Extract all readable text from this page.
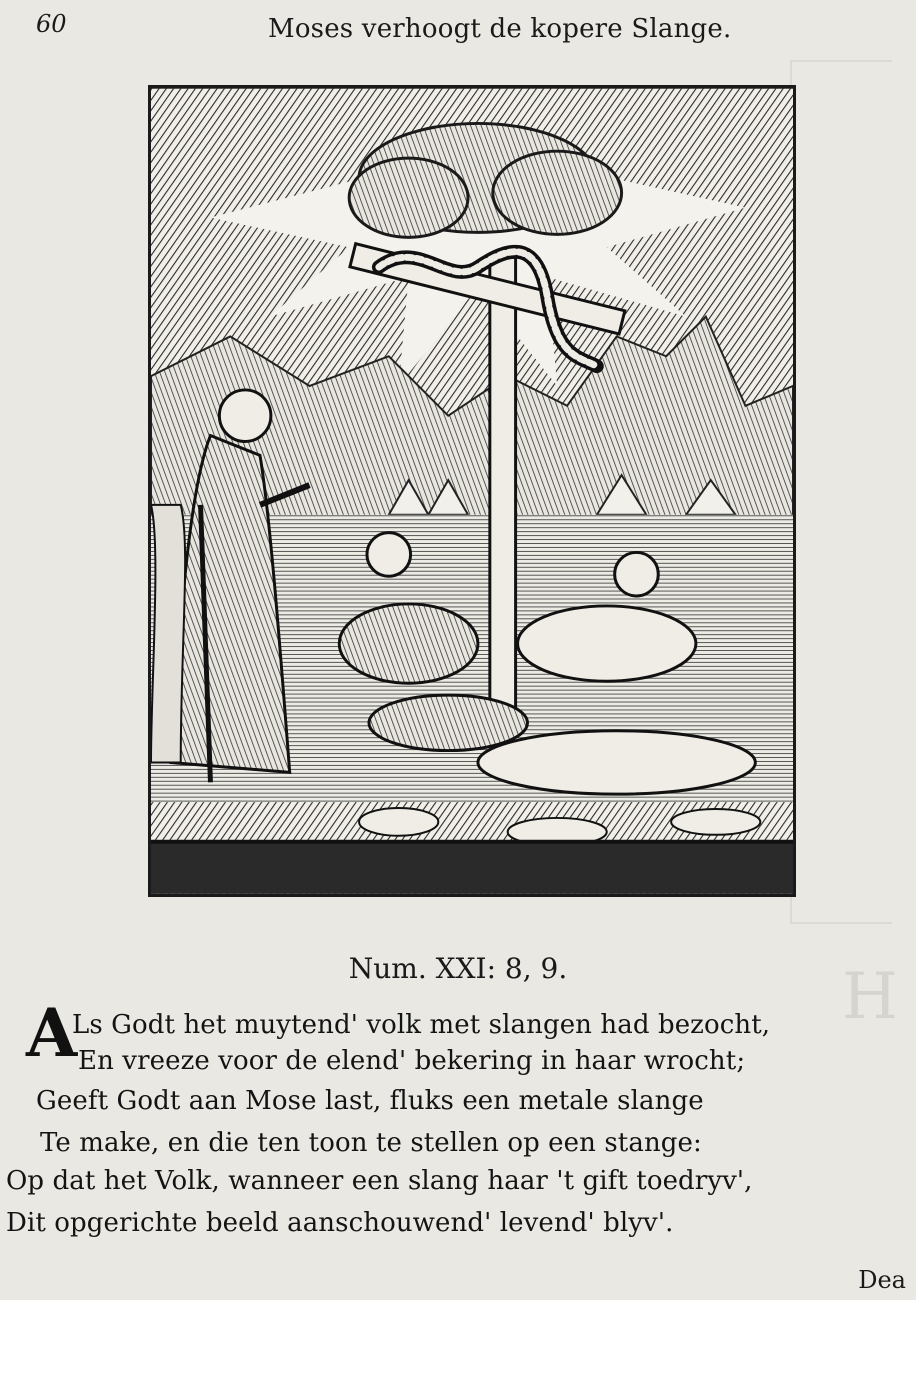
H
60	Moses verhoogt de kopere Slange.
Num. XXI: 8, 9.
A
Ls Godt het muytend' volk met slangen had bezocht,
En vreeze voor de elend' bekering in haar wrocht;
Geeft Godt aan Mose last, fluks een metale slange
Te make, en die ten toon te stellen op een stange:
Op dat het Volk, wanneer een slang haar 't gift toedryv',
Dit opgerichte beeld aanschouwend' levend' blyv'.
Dea
